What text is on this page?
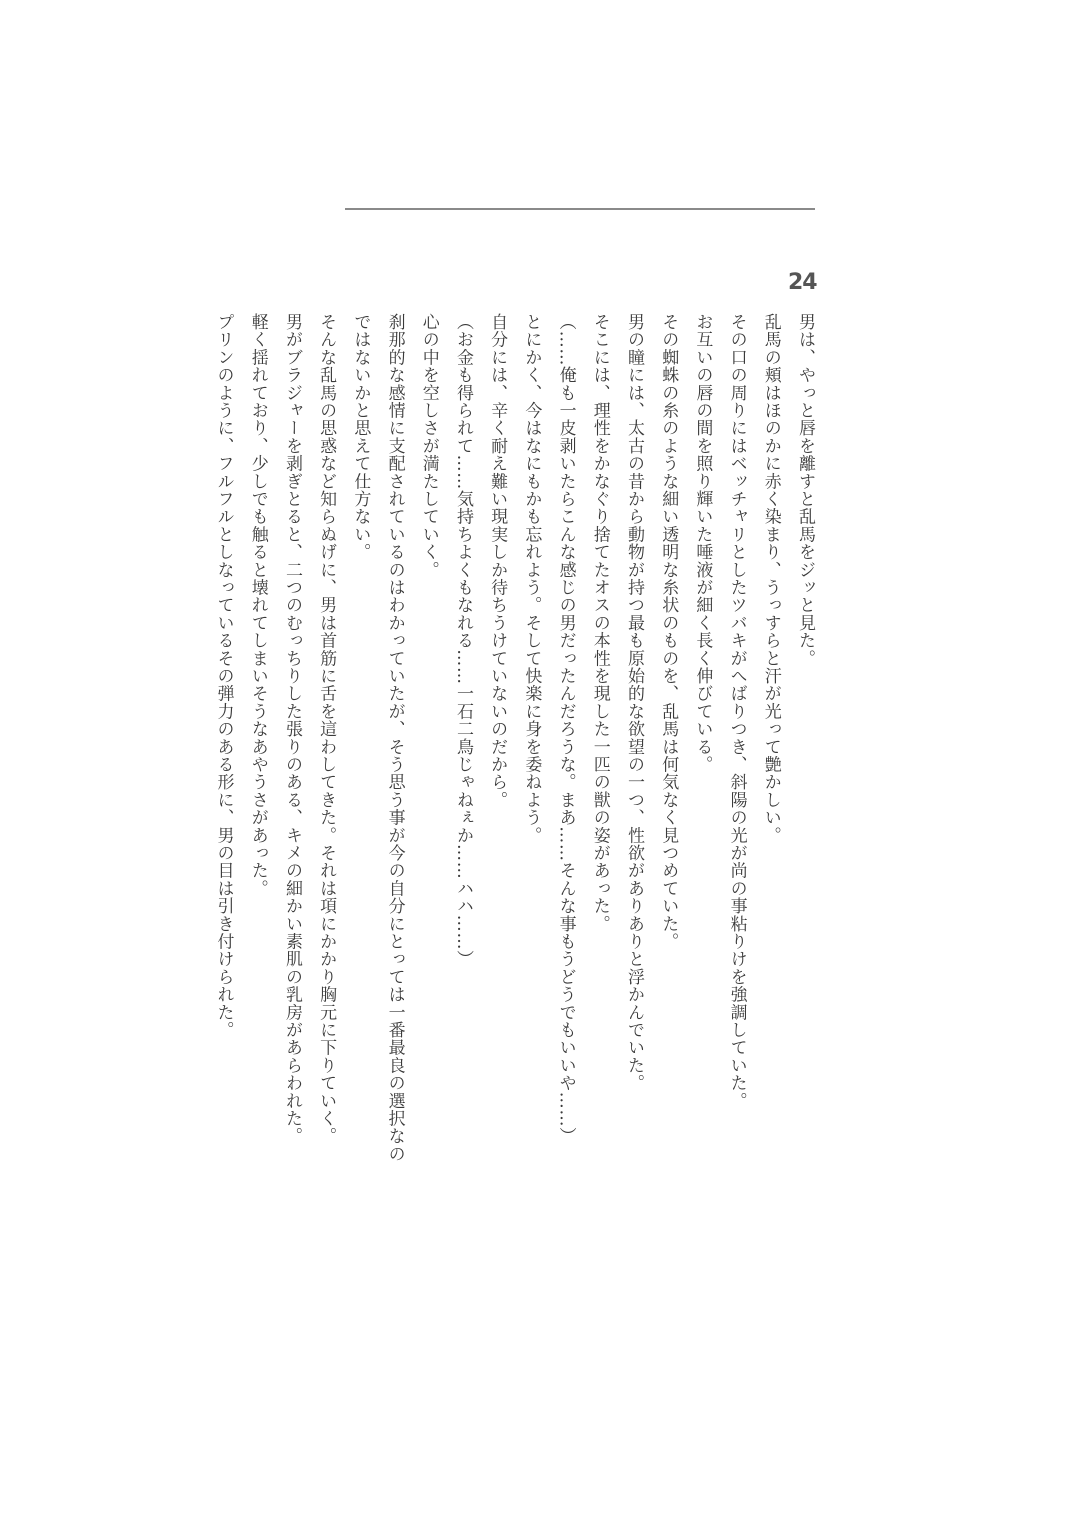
24

男は、やっと唇を離すと乱馬をジッと見た。

乱馬の頬はほのかに赤く染まり、うっすらと汗が光って艶かしい。

その口の周りにはベッチャリとしたツバキがへばりつき、斜陽の光が尚の事粘りけを強調していた。

お互いの唇の間を照り輝いた唾液が細く長く伸びている。

その蜘蛛の糸のような細い透明な糸状のものを、乱馬は何気なく見つめていた。

男の瞳には、太古の昔から動物が持つ最も原始的な欲望の一つ、性欲がありありと浮かんでいた。

そこには、理性をかなぐり捨てたオスの本性を現した一匹の獣の姿があった。

（……俺も一皮剥いたらこんな感じの男だったんだろうな。まあ……そんな事もうどうでもいいや……）

とにかく、今はなにもかも忘れよう。そして快楽に身を委ねよう。

自分には、辛く耐え難い現実しか待ちうけていないのだから。

（お金も得られて……気持ちよくもなれる……一石二鳥じゃねぇか……ハハ……）

心の中を空しさが満たしていく。

刹那的な感情に支配されているのはわかっていたが、そう思う事が今の自分にとっては一番最良の選択なのではないかと思えて仕方ない。

そんな乱馬の思惑など知らぬげに、男は首筋に舌を這わしてきた。それは項にかかり胸元に下りていく。

男がブラジャーを剥ぎとると、二つのむっちりした張りのある、キメの細かい素肌の乳房があらわれた。

軽く揺れており、少しでも触ると壊れてしまいそうなあやうさがあった。

プリンのように、フルフルとしなっているその弾力のある形に、男の目は引き付けられた。
